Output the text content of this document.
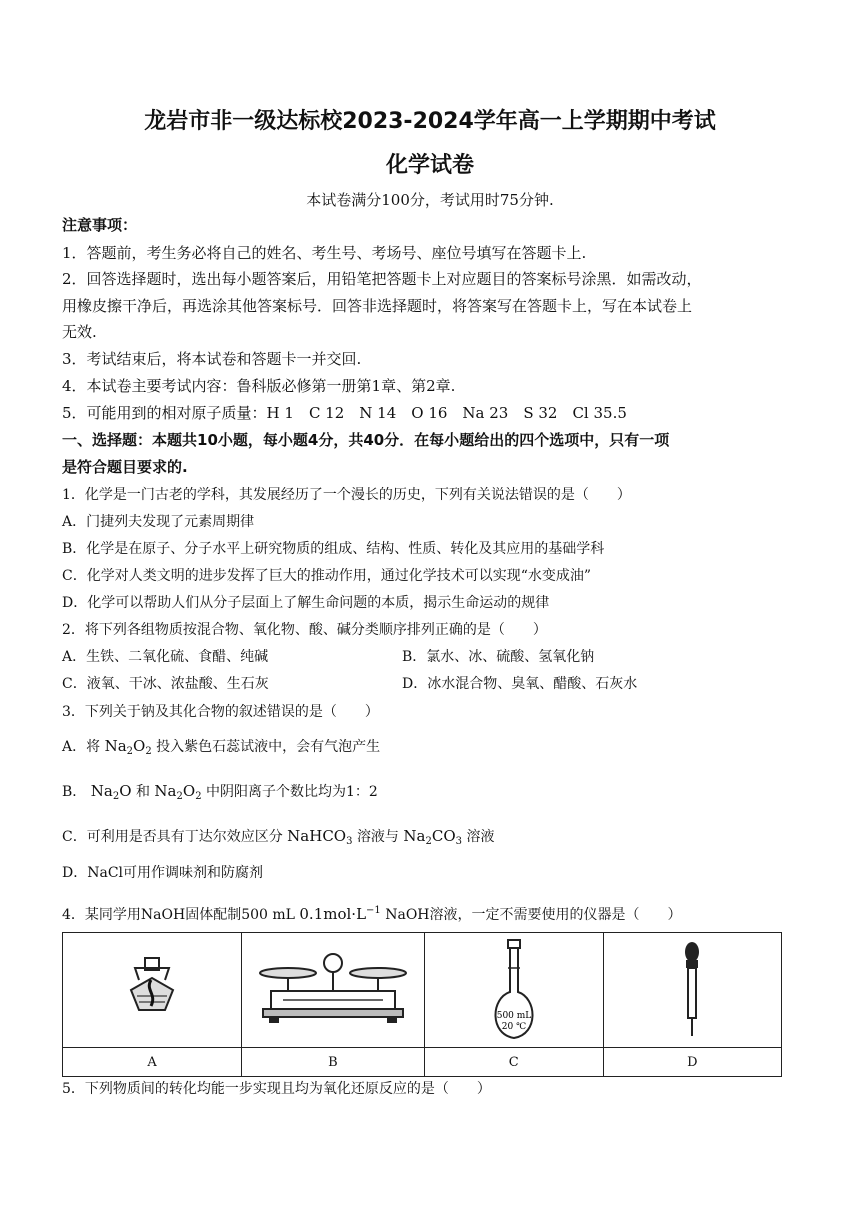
龙岩市非一级达标校2023-2024学年高一上学期期中考试
化学试卷
本试卷满分100分，考试用时75分钟.
注意事项：
1．答题前，考生务必将自己的姓名、考生号、考场号、座位号填写在答题卡上.
2．回答选择题时，选出每小题答案后，用铅笔把答题卡上对应题目的答案标号涂黑．如需改动，
用橡皮擦干净后，再选涂其他答案标号．回答非选择题时，将答案写在答题卡上，写在本试卷上
无效.
3．考试结束后，将本试卷和答题卡一并交回.
4．本试卷主要考试内容：鲁科版必修第一册第1章、第2章.
5．可能用到的相对原子质量：H 1　C 12　N 14　O 16　Na 23　S 32　Cl 35.5
一、选择题：本题共10小题，每小题4分，共40分．在每小题给出的四个选项中，只有一项
是符合题目要求的.
1．化学是一门古老的学科，其发展经历了一个漫长的历史，下列有关说法错误的是（　　）
A．门捷列夫发现了元素周期律
B．化学是在原子、分子水平上研究物质的组成、结构、性质、转化及其应用的基础学科
C．化学对人类文明的进步发挥了巨大的推动作用，通过化学技术可以实现“水变成油”
D．化学可以帮助人们从分子层面上了解生命问题的本质，揭示生命运动的规律
2．将下列各组物质按混合物、氧化物、酸、碱分类顺序排列正确的是（　　）
A．生铁、二氧化硫、食醋、纯碱	B．氯水、冰、硫酸、氢氧化钠
C．液氧、干冰、浓盐酸、生石灰	D．冰水混合物、臭氧、醋酸、石灰水
3．下列关于钠及其化合物的叙述错误的是（　　）
A．将 $Na_2O_2$ 投入紫色石蕊试液中，会有气泡产生
B． $Na_2O$ 和 $Na_2O_2$ 中阴阳离子个数比均为1：2
C．可利用是否具有丁达尔效应区分 NaHCO$_3$ 溶液与 $Na_2CO_3$ 溶液
D．NaCl可用作调味剂和防腐剂
4．某同学用NaOH固体配制500 mL $0.1mol\cdot L^{-1}$ NaOH溶液，一定不需要使用的仪器是（　　）

500 mL
20 ℃

A	B	C	D
5．下列物质间的转化均能一步实现且均为氧化还原反应的是（　　）
